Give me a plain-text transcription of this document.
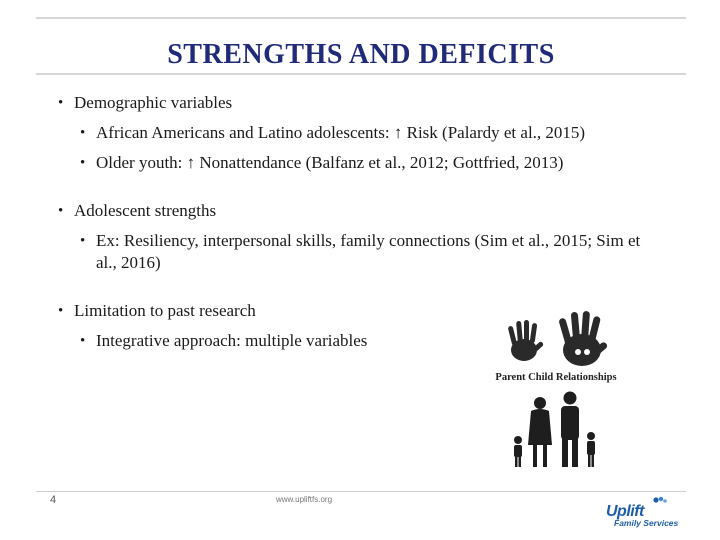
STRENGTHS AND DEFICITS
• Demographic variables
• African Americans and Latino adolescents: ↑ Risk (Palardy et al., 2015)
• Older youth: ↑ Nonattendance (Balfanz et al., 2012; Gottfried, 2013)
• Adolescent strengths
• Ex: Resiliency, interpersonal skills, family connections (Sim et al., 2015; Sim et al., 2016)
• Limitation to past research
• Integrative approach: multiple variables
Parent Child Relationships
4	www.upliftfs.org
Uplift
Family Services
